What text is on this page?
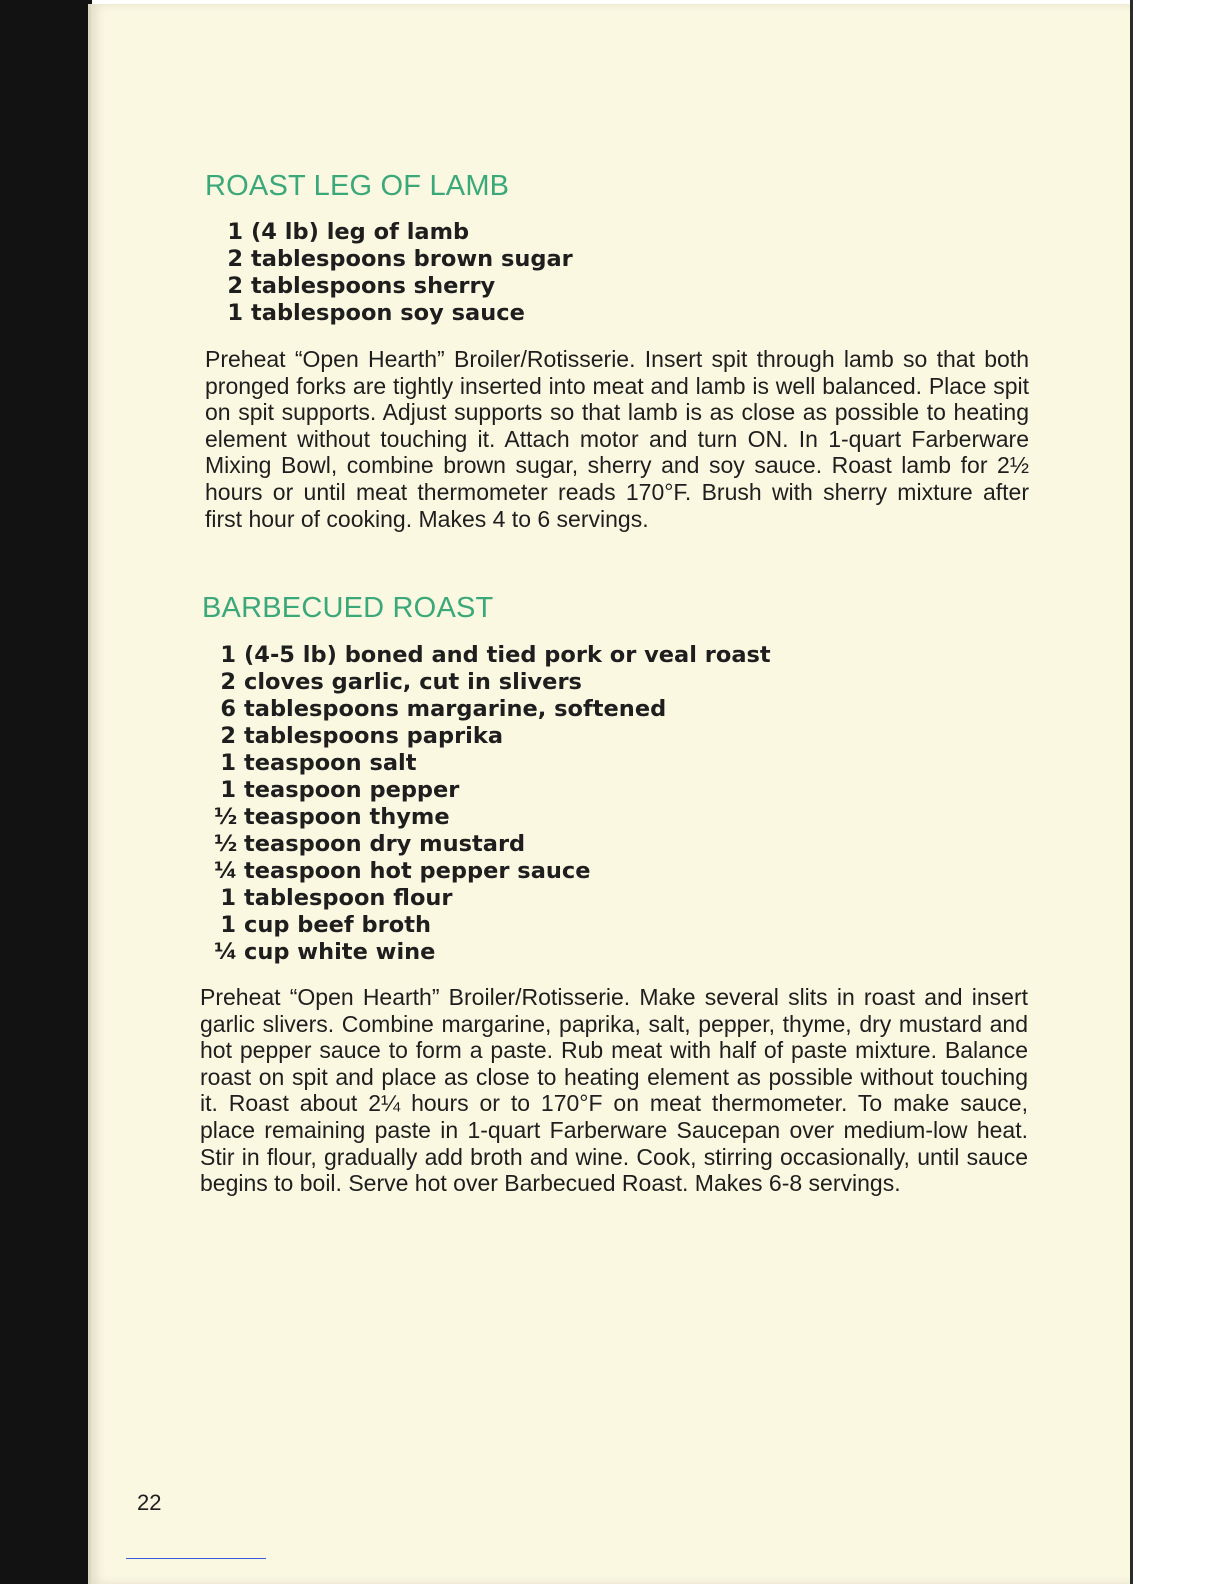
ROAST LEG OF LAMB
1 (4 lb) leg of lamb
2 tablespoons brown sugar
2 tablespoons sherry
1 tablespoon soy sauce

Preheat “Open Hearth” Broiler/Rotisserie. Insert spit through lamb so that both pronged forks are tightly inserted into meat and lamb is well balanced. Place spit on spit supports. Adjust supports so that lamb is as close as possible to heating element without touching it. Attach motor and turn ON. In 1-quart Farberware Mixing Bowl, combine brown sugar, sherry and soy sauce. Roast lamb for 2½ hours or until meat thermometer reads 170°F. Brush with sherry mixture after first hour of cooking. Makes 4 to 6 servings.

BARBECUED ROAST
1 (4-5 lb) boned and tied pork or veal roast
2 cloves garlic, cut in slivers
6 tablespoons margarine, softened
2 tablespoons paprika
1 teaspoon salt
1 teaspoon pepper
½ teaspoon thyme
½ teaspoon dry mustard
¼ teaspoon hot pepper sauce
1 tablespoon flour
1 cup beef broth
¼ cup white wine

Preheat “Open Hearth” Broiler/Rotisserie. Make several slits in roast and insert garlic slivers. Combine margarine, paprika, salt, pepper, thyme, dry mustard and hot pepper sauce to form a paste. Rub meat with half of paste mixture. Balance roast on spit and place as close to heating element as possible without touching it. Roast about 2¼ hours or to 170°F on meat thermometer. To make sauce, place remaining paste in 1-quart Farberware Saucepan over medium-low heat. Stir in flour, gradually add broth and wine. Cook, stirring occasionally, until sauce begins to boil. Serve hot over Barbecued Roast. Makes 6-8 servings.

22
